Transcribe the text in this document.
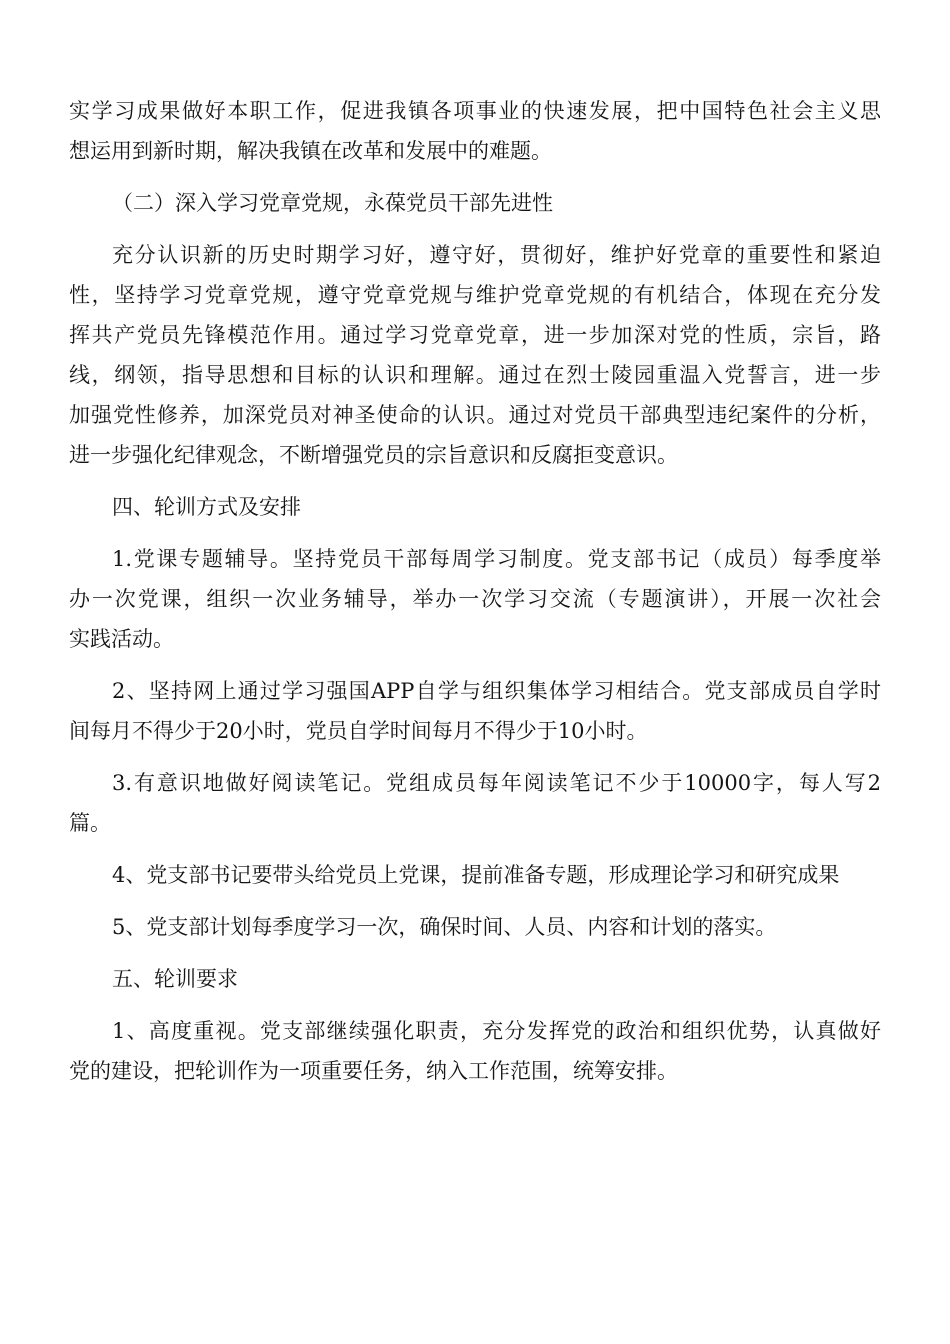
实学习成果做好本职工作，促进我镇各项事业的快速发展，把中国特色社会主义思
想运用到新时期，解决我镇在改革和发展中的难题。

（二）深入学习党章党规，永葆党员干部先进性

充分认识新的历史时期学习好，遵守好，贯彻好，维护好党章的重要性和紧迫
性，坚持学习党章党规，遵守党章党规与维护党章党规的有机结合，体现在充分发
挥共产党员先锋模范作用。通过学习党章党章，进一步加深对党的性质，宗旨，路
线，纲领，指导思想和目标的认识和理解。通过在烈士陵园重温入党誓言，进一步
加强党性修养，加深党员对神圣使命的认识。通过对党员干部典型违纪案件的分析，
进一步强化纪律观念，不断增强党员的宗旨意识和反腐拒变意识。

四、轮训方式及安排

1.党课专题辅导。坚持党员干部每周学习制度。党支部书记（成员）每季度举
办一次党课，组织一次业务辅导，举办一次学习交流（专题演讲），开展一次社会
实践活动。

2、坚持网上通过学习强国APP自学与组织集体学习相结合。党支部成员自学时
间每月不得少于20小时，党员自学时间每月不得少于10小时。

3.有意识地做好阅读笔记。党组成员每年阅读笔记不少于10000字，每人写2
篇。

4、党支部书记要带头给党员上党课，提前准备专题，形成理论学习和研究成果

5、党支部计划每季度学习一次，确保时间、人员、内容和计划的落实。

五、轮训要求

1、高度重视。党支部继续强化职责，充分发挥党的政治和组织优势，认真做好
党的建设，把轮训作为一项重要任务，纳入工作范围，统筹安排。
